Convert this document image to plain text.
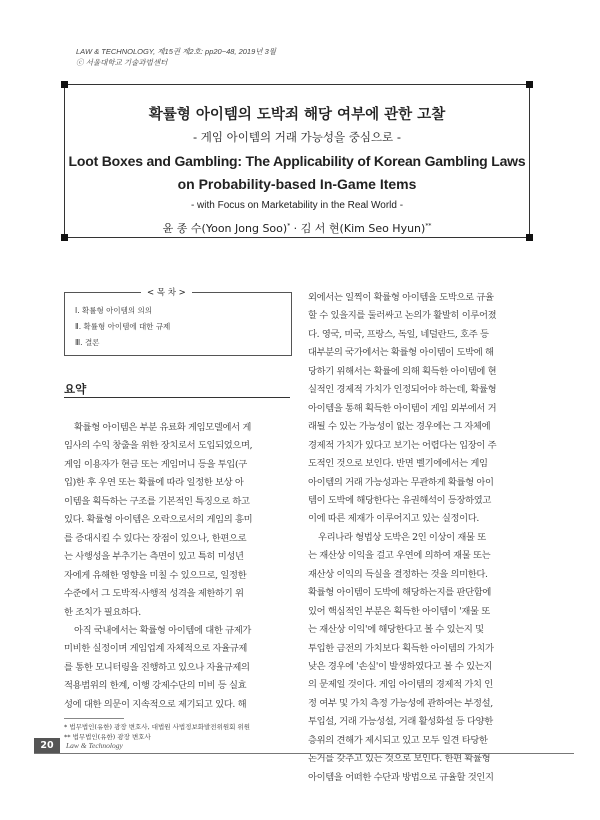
LAW & TECHNOLOGY, 제15권 제2호: pp20~48, 2019년 3월
ⓒ 서울대학교 기술과법센터
확률형 아이템의 도박죄 해당 여부에 관한 고찰
- 게임 아이템의 거래 가능성을 중심으로 -
Loot Boxes and Gambling: The Applicability of Korean Gambling Laws
on Probability-based In-Game Items
- with Focus on Marketability in the Real World -
윤 종 수(Yoon Jong Soo)* · 김 서 현(Kim Seo Hyun)**
< 목 차 >
Ⅰ. 확률형 아이템의 의의
Ⅱ. 확률형 아이템에 대한 규제
Ⅲ. 결론
요약
확률형 아이템은 부분 유료화 게임모델에서 게
임사의 수익 창출을 위한 장치로서 도입되었으며,
게임 이용자가 현금 또는 게임머니 등을 투입(구
입)한 후 우연 또는 확률에 따라 일정한 보상 아
이템을 획득하는 구조를 기본적인 특징으로 하고
있다. 확률형 아이템은 오락으로서의 게임의 흥미
를 증대시킬 수 있다는 장점이 있으나, 한편으로
는 사행성을 부추기는 측면이 있고 특히 미성년
자에게 유해한 영향을 미칠 수 있으므로, 일정한
수준에서 그 도박적·사행적 성격을 제한하기 위
한 조치가 필요하다.
아직 국내에서는 확률형 아이템에 대한 규제가
미비한 실정이며 게임업계 자체적으로 자율규제
를 통한 모니터링을 진행하고 있으나 자율규제의
적용범위의 한계, 이행 강제수단의 미비 등 실효
성에 대한 의문이 지속적으로 제기되고 있다. 해
외에서는 일찍이 확률형 아이템을 도박으로 규율
할 수 있을지를 둘러싸고 논의가 활발히 이루어졌
다. 영국, 미국, 프랑스, 독일, 네덜란드, 호주 등
대부분의 국가에서는 확률형 아이템이 도박에 해
당하기 위해서는 확률에 의해 획득한 아이템에 현
실적인 경제적 가치가 인정되어야 하는데, 확률형
아이템을 통해 획득한 아이템이 게임 외부에서 거
래될 수 있는 가능성이 없는 경우에는 그 자체에
경제적 가치가 있다고 보기는 어렵다는 입장이 주
도적인 것으로 보인다. 반면 벨기에에서는 게임
아이템의 거래 가능성과는 무관하게 확률형 아이
템이 도박에 해당한다는 유권해석이 등장하였고
이에 따른 제재가 이루어지고 있는 실정이다.
우리나라 형법상 도박은 2인 이상이 재물 또
는 재산상 이익을 걸고 우연에 의하여 재물 또는
재산상 이익의 득실을 결정하는 것을 의미한다.
확률형 아이템이 도박에 해당하는지를 판단함에
있어 핵심적인 부분은 획득한 아이템이 '재물 또
는 재산상 이익'에 해당한다고 볼 수 있는지 및
투입한 금전의 가치보다 획득한 아이템의 가치가
낮은 경우에 '손실'이 발생하였다고 볼 수 있는지
의 문제일 것이다. 게임 아이템의 경제적 가치 인
정 여부 및 가치 측정 가능성에 관하여는 부정설,
투입설, 거래 가능성설, 거래 활성화설 등 다양한
층위의 견해가 제시되고 있고 모두 일견 타당한
논거를 갖추고 있는 것으로 보인다. 한편 확률형
아이템을 어떠한 수단과 방법으로 규율할 것인지
* 법무법인(유한) 광장 변호사, 대법원 사법정보화발전위원회 위원
** 법무법인(유한) 광장 변호사
20	Law & Technology
